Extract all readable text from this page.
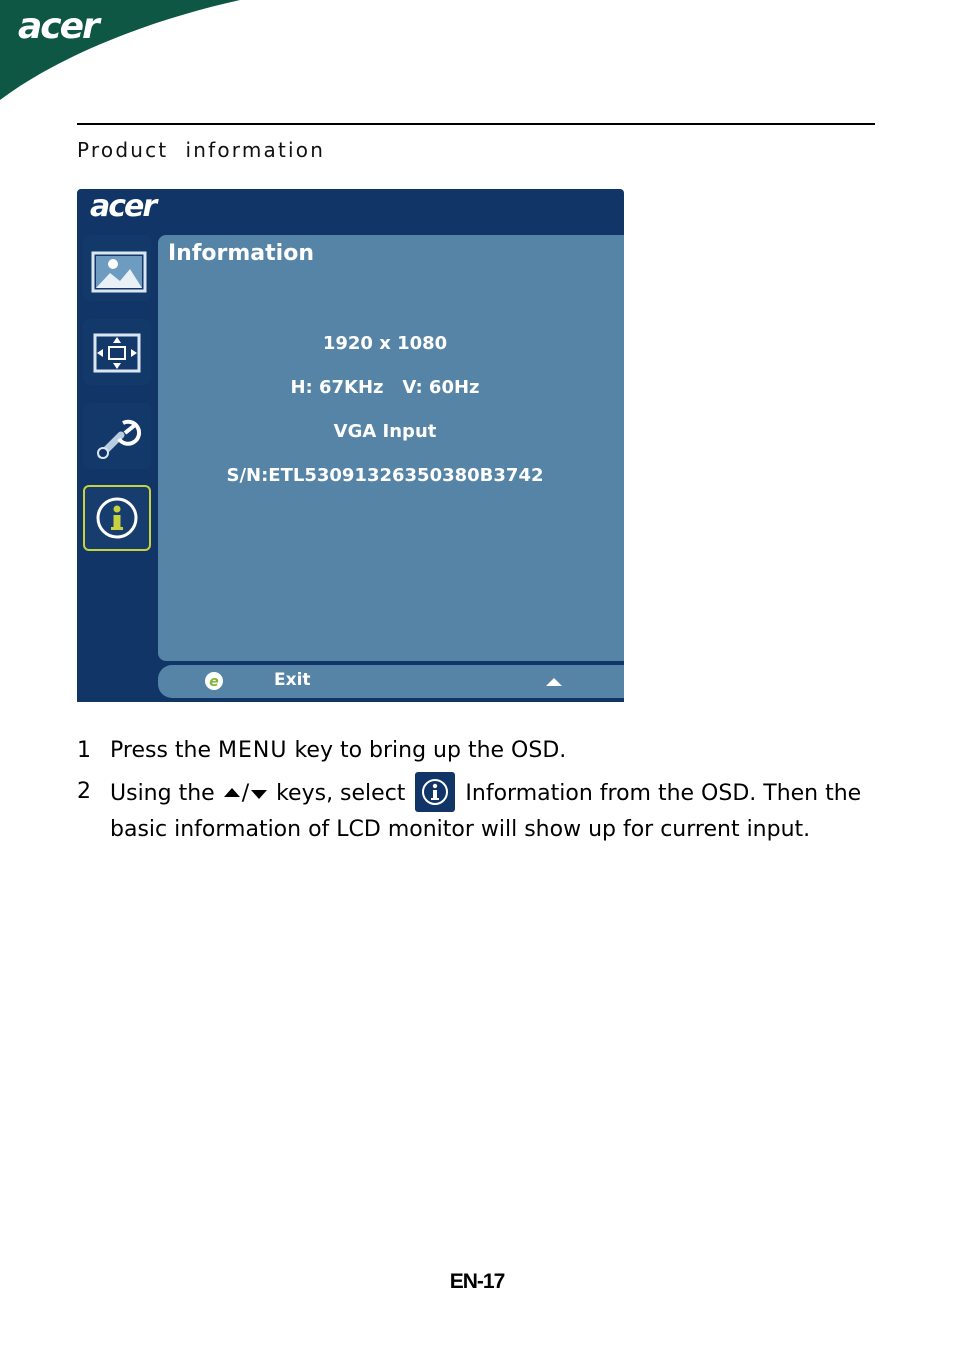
acer
Product  information
acer
Information
1920 x 1080
H: 67KHz   V: 60Hz
VGA Input
S/N:ETL53091326350380B3742
e	Exit
1 Press the MENU key to bring up the OSD.
2 Using the / keys, select  Information from the OSD. Then the
basic information of LCD monitor will show up for current input.
EN-17
